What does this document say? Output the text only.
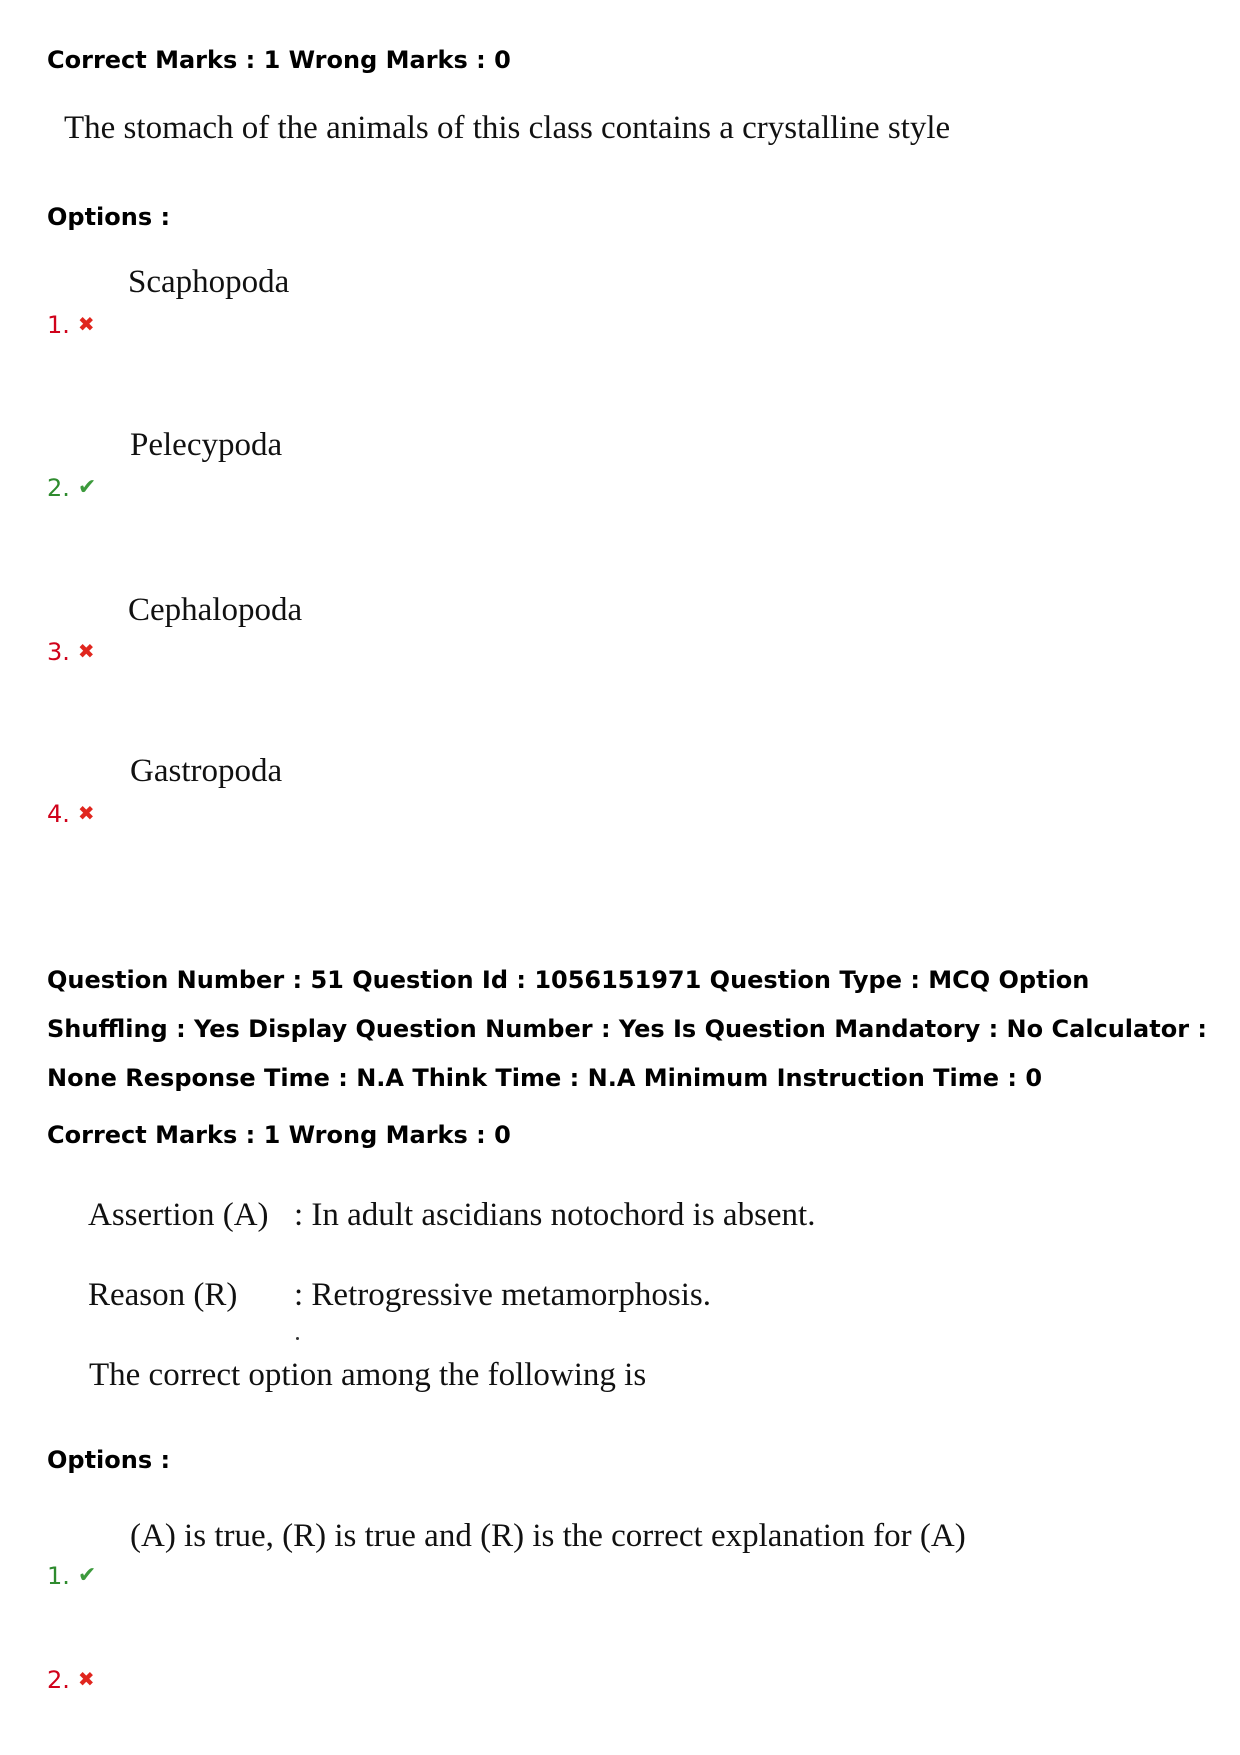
Correct Marks : 1 Wrong Marks : 0
The stomach of the animals of this class contains a crystalline style
Options :
Scaphopoda
1. ✖
Pelecypoda
2. ✔
Cephalopoda
3. ✖
Gastropoda
4. ✖
Question Number : 51 Question Id : 1056151971 Question Type : MCQ Option Shuffling : Yes Display Question Number : Yes Is Question Mandatory : No Calculator : None Response Time : N.A Think Time : N.A Minimum Instruction Time : 0
Correct Marks : 1 Wrong Marks : 0
Assertion (A) : In adult ascidians notochord is absent.
Reason (R) : Retrogressive metamorphosis.
The correct option among the following is
Options :
(A) is true, (R) is true and (R) is the correct explanation for (A)
1. ✔
2. ✖
